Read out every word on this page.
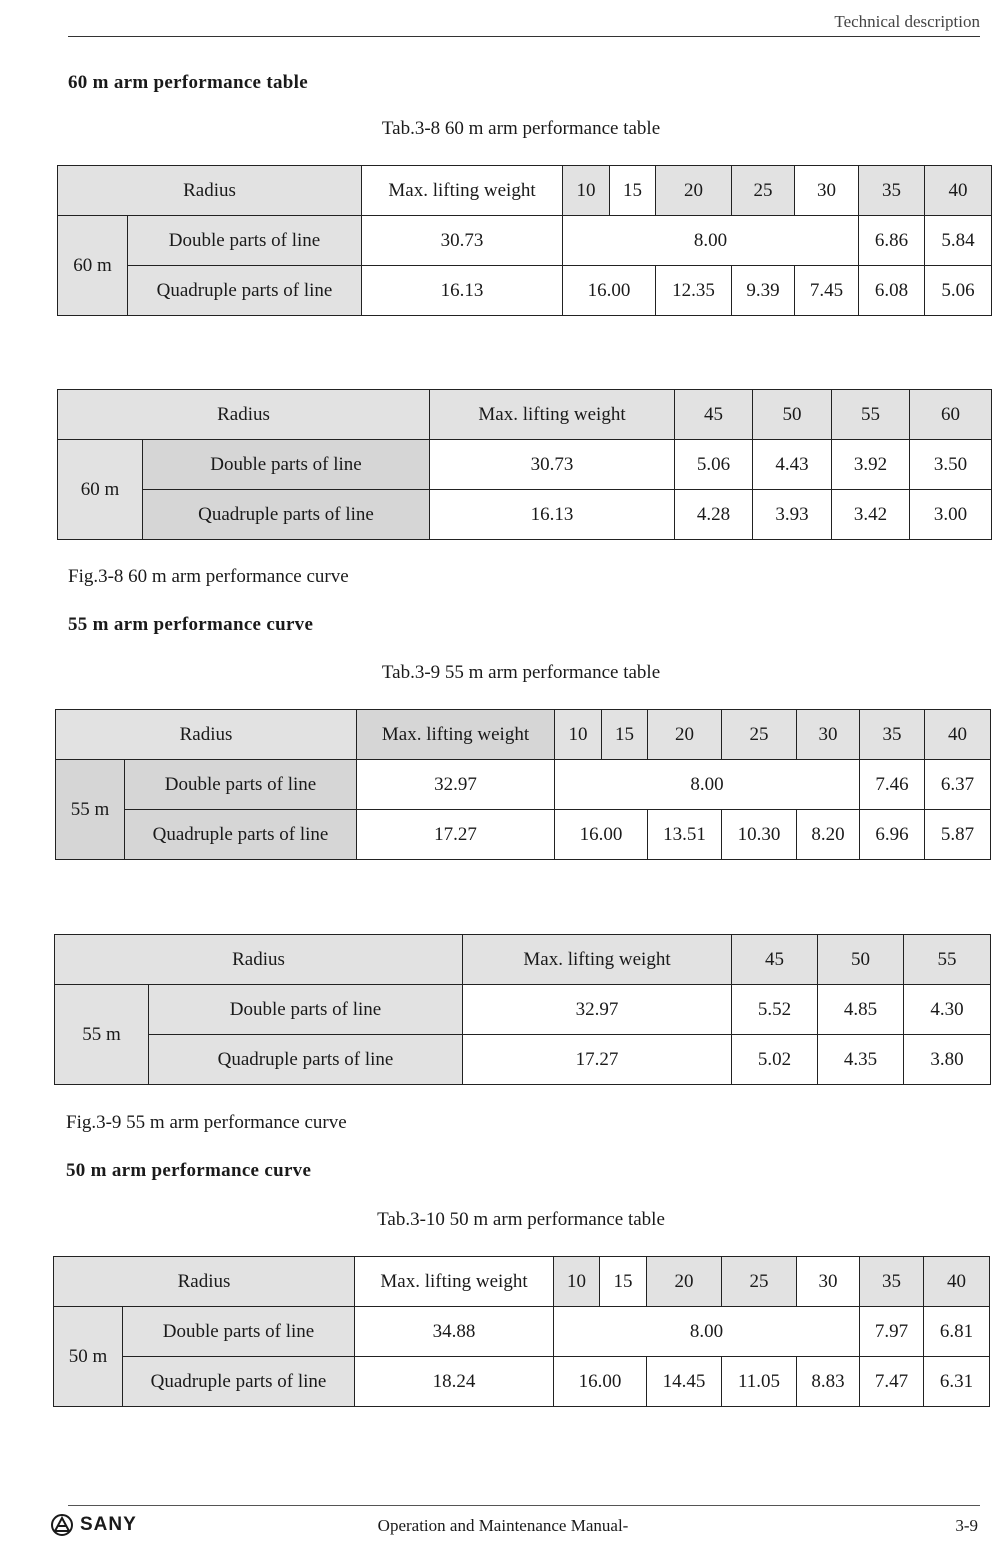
Technical description
60 m arm performance table
Tab.3-8 60 m arm performance table
Radius		Max. lifting weight	10	15	20	25	30	35	40
60 m	Double parts of line	30.73	8.00					6.86	5.84
	Quadruple parts of line	16.13	16.00		12.35	9.39	7.45	6.08	5.06
Radius		Max. lifting weight	45	50	55	60
60 m	Double parts of line	30.73	5.06	4.43	3.92	3.50
	Quadruple parts of line	16.13	4.28	3.93	3.42	3.00
Fig.3-8 60 m arm performance curve
55 m arm performance curve
Tab.3-9 55 m arm performance table
Radius		Max. lifting weight	10	15	20	25	30	35	40
55 m	Double parts of line	32.97	8.00					7.46	6.37
	Quadruple parts of line	17.27	16.00		13.51	10.30	8.20	6.96	5.87
Radius		Max. lifting weight	45	50	55
55 m	Double parts of line	32.97	5.52	4.85	4.30
	Quadruple parts of line	17.27	5.02	4.35	3.80
Fig.3-9 55 m arm performance curve
50 m arm performance curve
Tab.3-10 50 m arm performance table
Radius		Max. lifting weight	10	15	20	25	30	35	40
50 m	Double parts of line	34.88	8.00					7.97	6.81
	Quadruple parts of line	18.24	16.00		14.45	11.05	8.83	7.47	6.31
SANY	Operation and Maintenance Manual-	3-9
